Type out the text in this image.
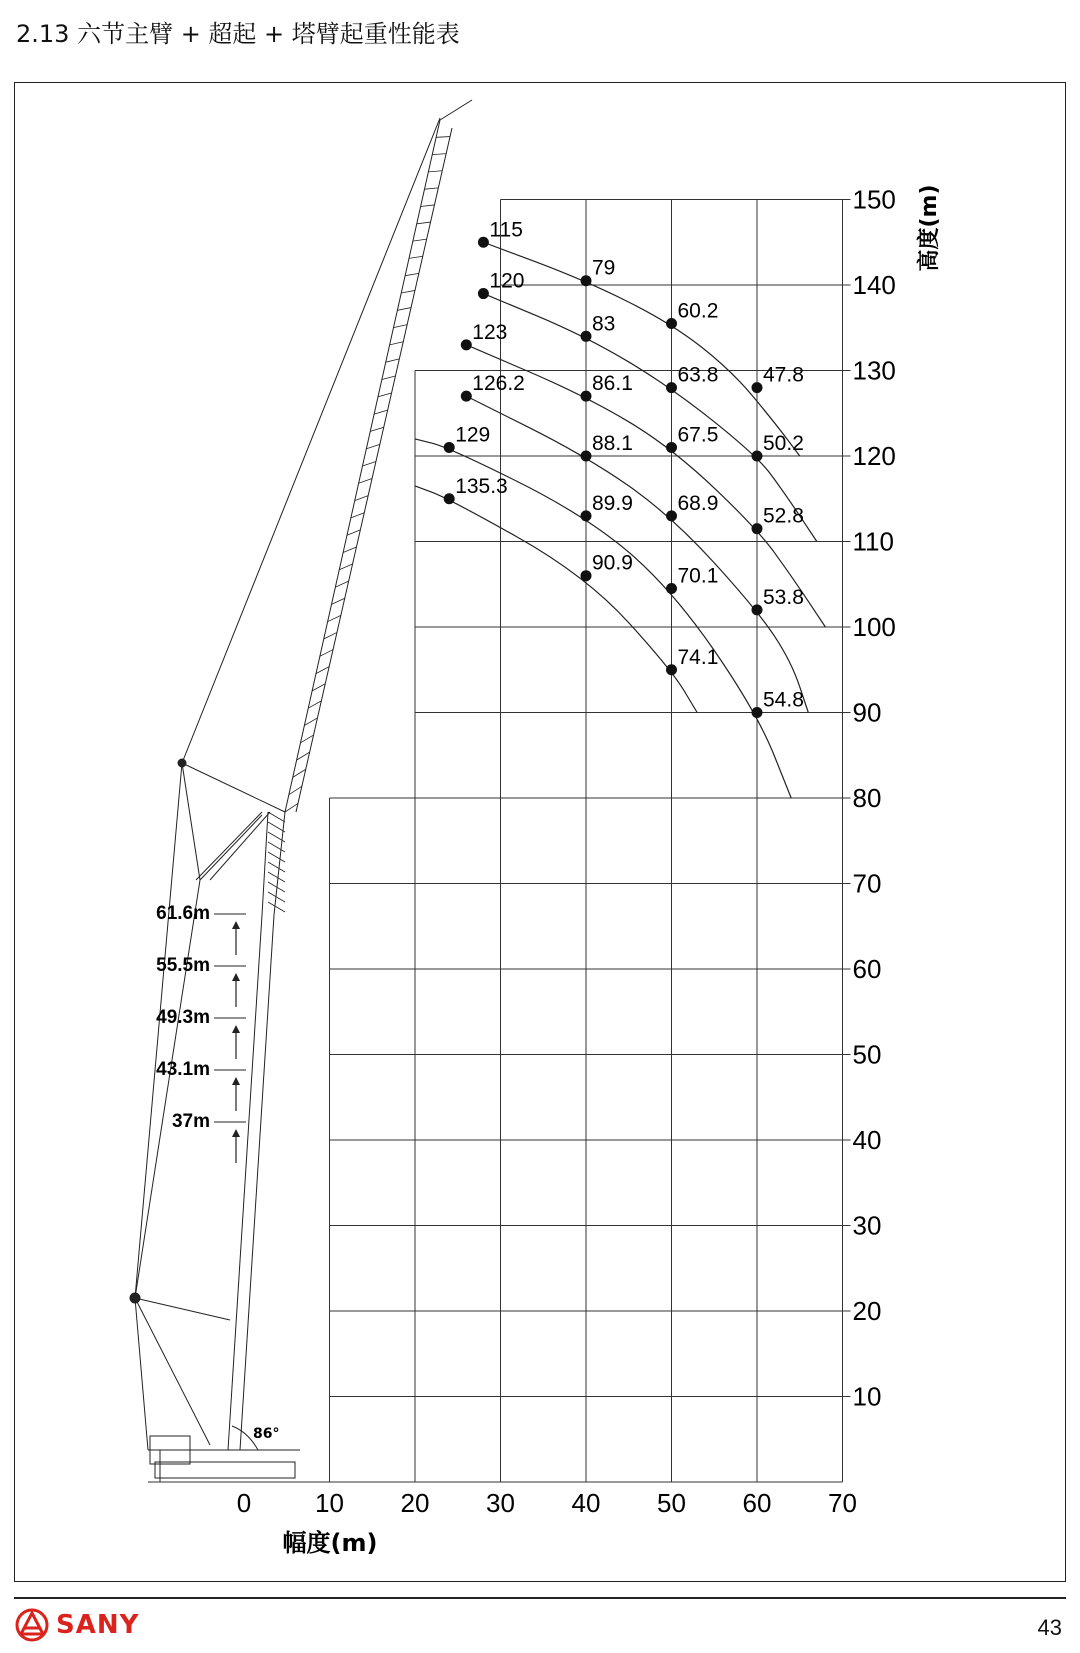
2.13 六节主臂 + 超起 + 塔臂起重性能表
0 10 20 30 40 50 60 70
10
20
30
40
50
60
70
80
90
100
110
120
130
140
150
115
79
60.2
120
83
123
86.1 63.8 47.8
126.2
88.1 67.5 50.2
129
89.9 68.9
52.8
135.3
90.9
70.1
53.8
74.1
54.8
61.6m
55.5m
49.3m
43.1m
37m
幅度(m)
高度(m)
86°
SANY	43
